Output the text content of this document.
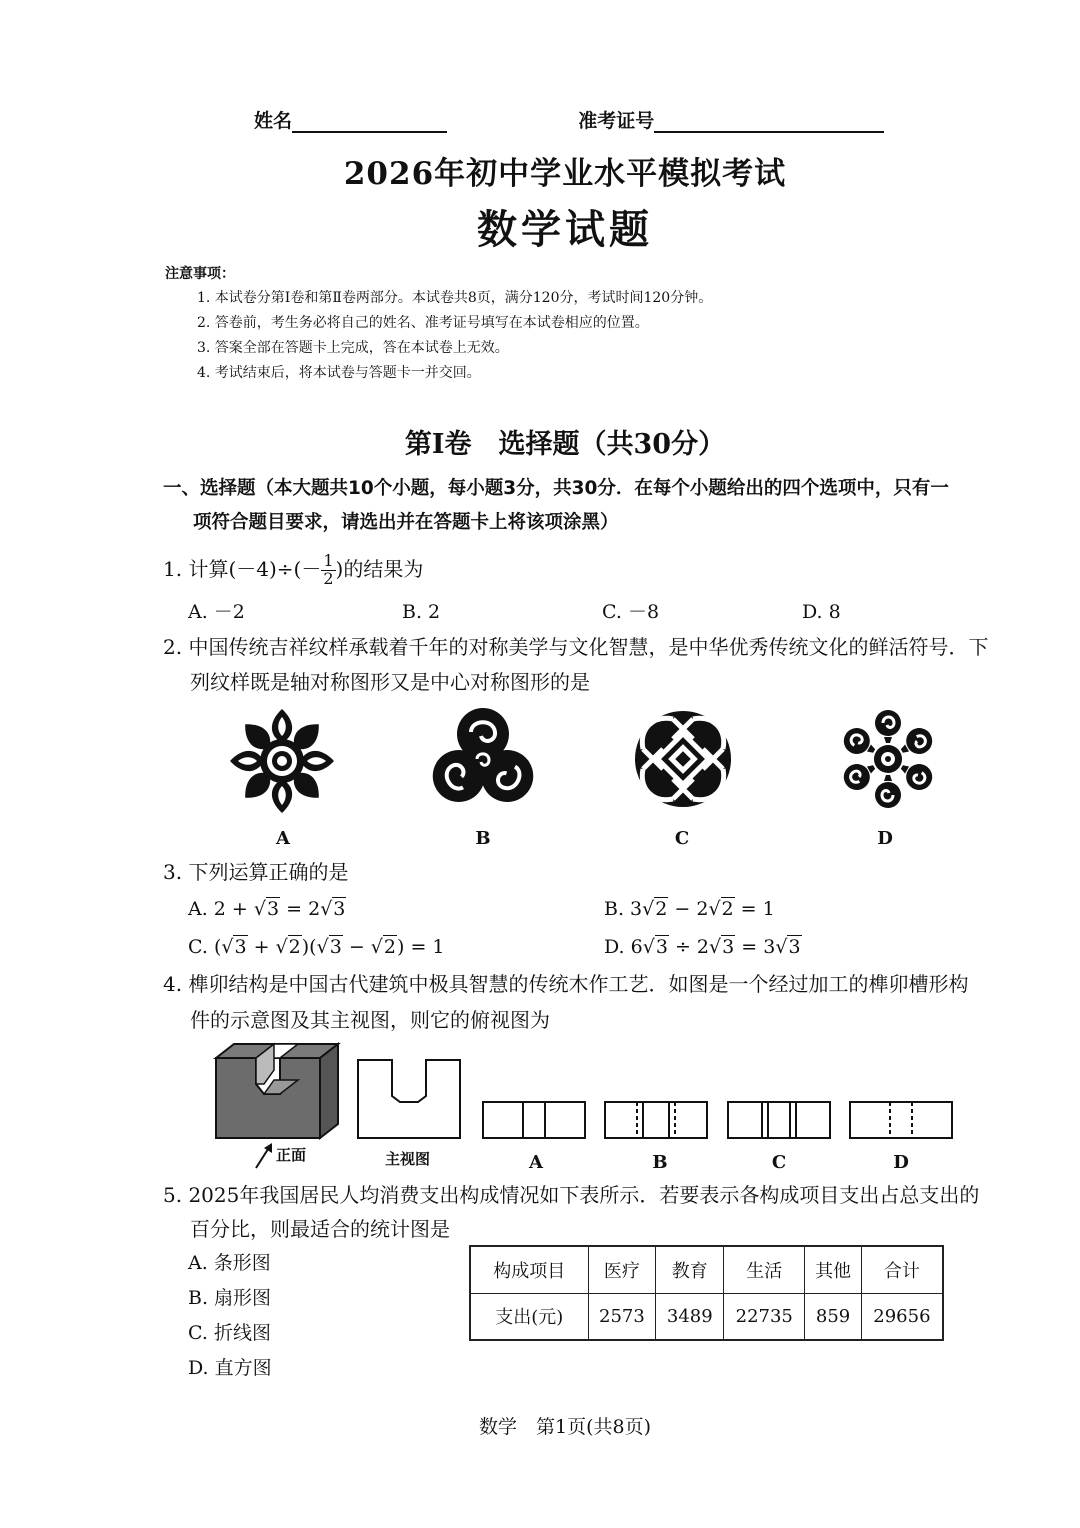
姓名	准考证号
2026年初中学业水平模拟考试
数学试题
注意事项：
1. 本试卷分第Ⅰ卷和第Ⅱ卷两部分。本试卷共8页，满分120分，考试时间120分钟。
2. 答卷前，考生务必将自己的姓名、准考证号填写在本试卷相应的位置。
3. 答案全部在答题卡上完成，答在本试卷上无效。
4. 考试结束后，将本试卷与答题卡一并交回。
第Ⅰ卷　选择题（共30分）
一、选择题（本大题共10个小题，每小题3分，共30分．在每个小题给出的四个选项中，只有一
项符合题目要求，请选出并在答题卡上将该项涂黑）
1. 计算$(-4)\div(- \frac{1}{2}$ )的结果为
A. －2	B. 2	C. －8	D. 8
2. 中国传统吉祥纹样承载着千年的对称美学与文化智慧，是中华优秀传统文化的鲜活符号．下
列纹样既是轴对称图形又是中心对称图形的是
A	B	C	D
3. 下列运算正确的是
A. 2 + √3 = 2√3	B. 3√2 − 2√2 = 1
C. (√3 + √2)(√3 − √2) = 1	D. 6√3 ÷ 2√3 = 3√3
4. 榫卯结构是中国古代建筑中极具智慧的传统木作工艺．如图是一个经过加工的榫卯槽形构
件的示意图及其主视图，则它的俯视图为
正面	主视图	A	B	C	D
5. 2025年我国居民人均消费支出构成情况如下表所示．若要表示各构成项目支出占总支出的
百分比，则最适合的统计图是
A. 条形图
B. 扇形图
C. 折线图
D. 直方图
构成项目	医疗	教育	生活	其他	合计
支出(元)	2573	3489	22735	859	29656
数学　第1页(共8页)
